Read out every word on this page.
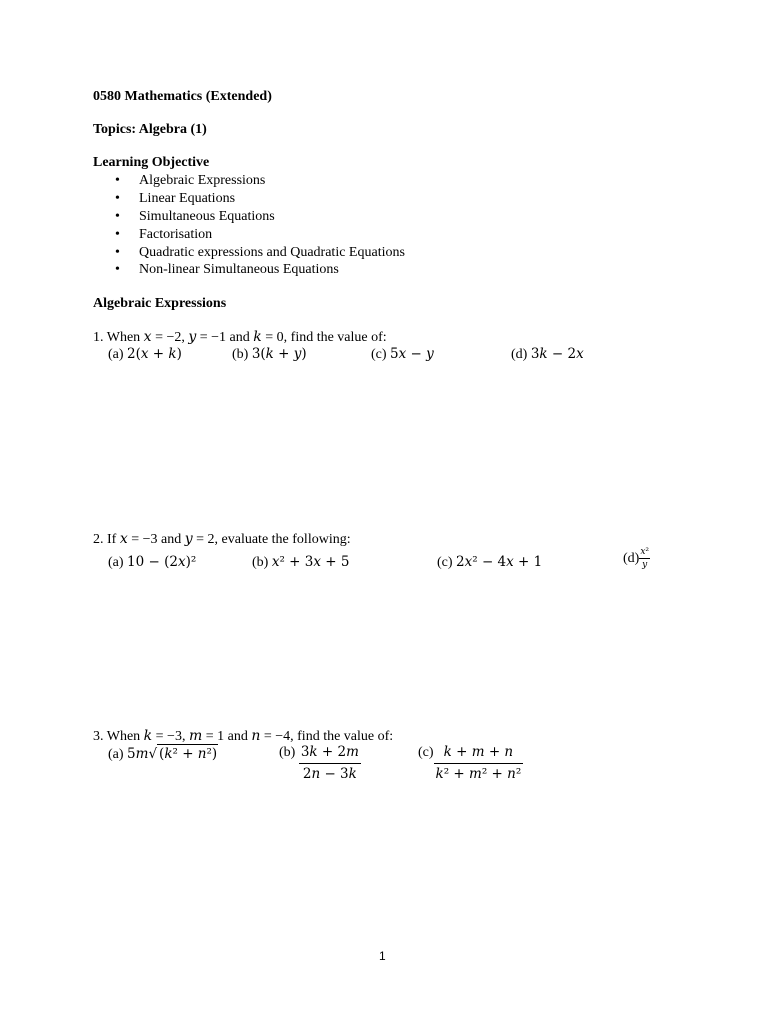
0580 Mathematics (Extended)
Topics: Algebra (1)
Learning Objective
• Algebraic Expressions
• Linear Equations
• Simultaneous Equations
• Factorisation
• Quadratic expressions and Quadratic Equations
• Non-linear Simultaneous Equations
Algebraic Expressions
1. When 𝑥 = −2, 𝑦 = −1 and 𝑘 = 0, find the value of:
(a) 2(𝑥 + 𝑘)	(b) 3(𝑘 + 𝑦)	(c) 5𝑥 − 𝑦	(d) 3𝑘 − 2𝑥
2. If 𝑥 = −3 and 𝑦 = 2, evaluate the following:
(a) 10 − (2𝑥)²	(b) 𝑥² + 3𝑥 + 5	(c) 2𝑥² − 4𝑥 + 1	$(d) \frac{\text{𝑥²}}{\text{𝑦}}$
3. When 𝑘 = −3, 𝑚 = 1 and 𝑛 = −4, find the value of:
(a) 5𝑚√ (𝑘² + 𝑛²)	$(b) \frac{\text{3𝑘 + 2𝑚}}{\text{2𝑛 − 3𝑘}}$	$(c) \frac{\text{𝑘 + 𝑚 + 𝑛}}{\text{𝑘² + 𝑚² + 𝑛²}}$
1
